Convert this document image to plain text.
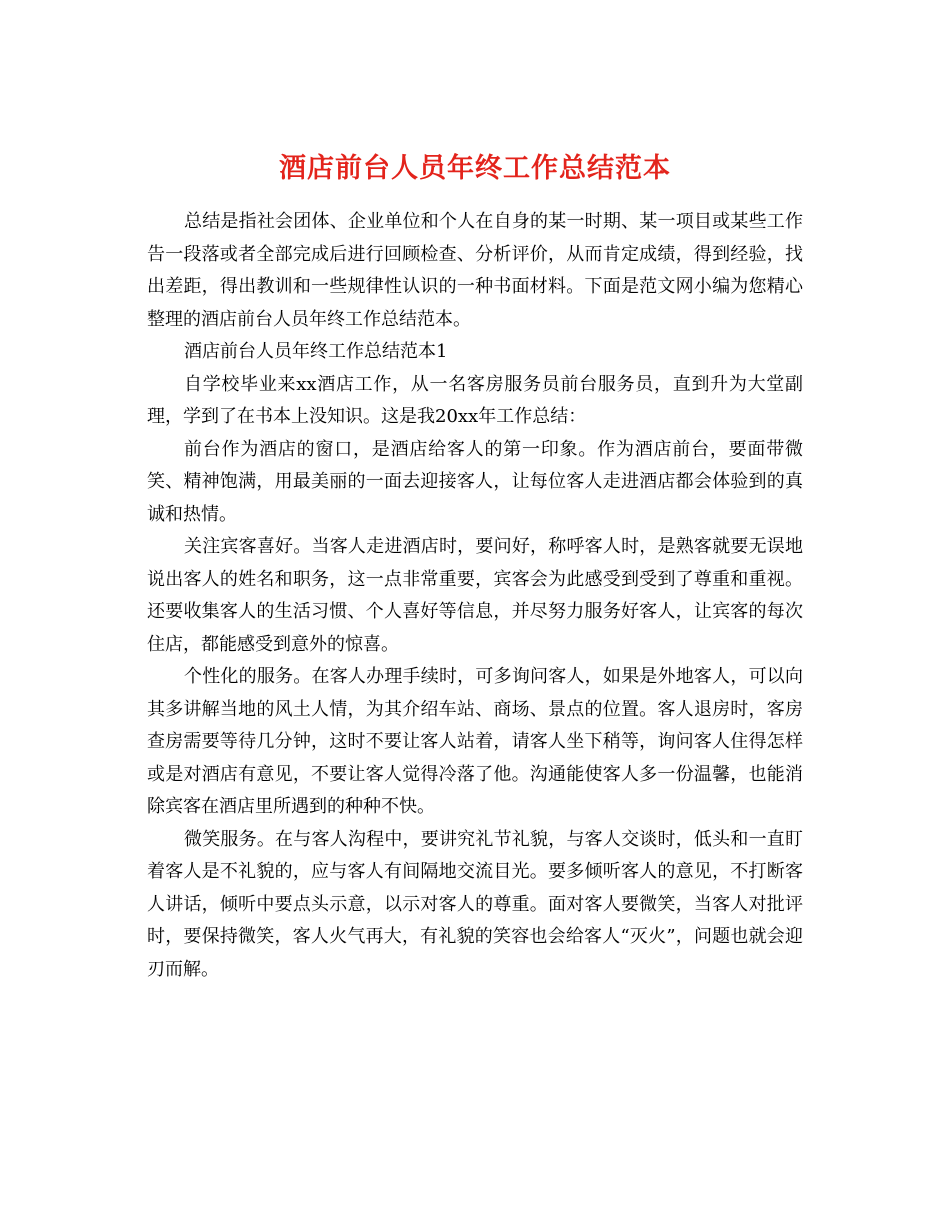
酒店前台人员年终工作总结范本

总结是指社会团体、企业单位和个人在自身的某一时期、某一项目或某些工作告一段落或者全部完成后进行回顾检查、分析评价，从而肯定成绩，得到经验，找出差距，得出教训和一些规律性认识的一种书面材料。下面是范文网小编为您精心整理的酒店前台人员年终工作总结范本。

酒店前台人员年终工作总结范本1

自学校毕业来xx酒店工作，从一名客房服务员前台服务员，直到升为大堂副理，学到了在书本上没知识。这是我20xx年工作总结：

前台作为酒店的窗口，是酒店给客人的第一印象。作为酒店前台，要面带微笑、精神饱满，用最美丽的一面去迎接客人，让每位客人走进酒店都会体验到的真诚和热情。

关注宾客喜好。当客人走进酒店时，要问好，称呼客人时，是熟客就要无误地说出客人的姓名和职务，这一点非常重要，宾客会为此感受到受到了尊重和重视。还要收集客人的生活习惯、个人喜好等信息，并尽努力服务好客人，让宾客的每次住店，都能感受到意外的惊喜。

个性化的服务。在客人办理手续时，可多询问客人，如果是外地客人，可以向其多讲解当地的风土人情，为其介绍车站、商场、景点的位置。客人退房时，客房查房需要等待几分钟，这时不要让客人站着，请客人坐下稍等，询问客人住得怎样或是对酒店有意见，不要让客人觉得冷落了他。沟通能使客人多一份温馨，也能消除宾客在酒店里所遇到的种种不快。

微笑服务。在与客人沟程中，要讲究礼节礼貌，与客人交谈时，低头和一直盯着客人是不礼貌的，应与客人有间隔地交流目光。要多倾听客人的意见，不打断客人讲话，倾听中要点头示意，以示对客人的尊重。面对客人要微笑，当客人对批评时，要保持微笑，客人火气再大，有礼貌的笑容也会给客人“灭火”，问题也就会迎刃而解。
